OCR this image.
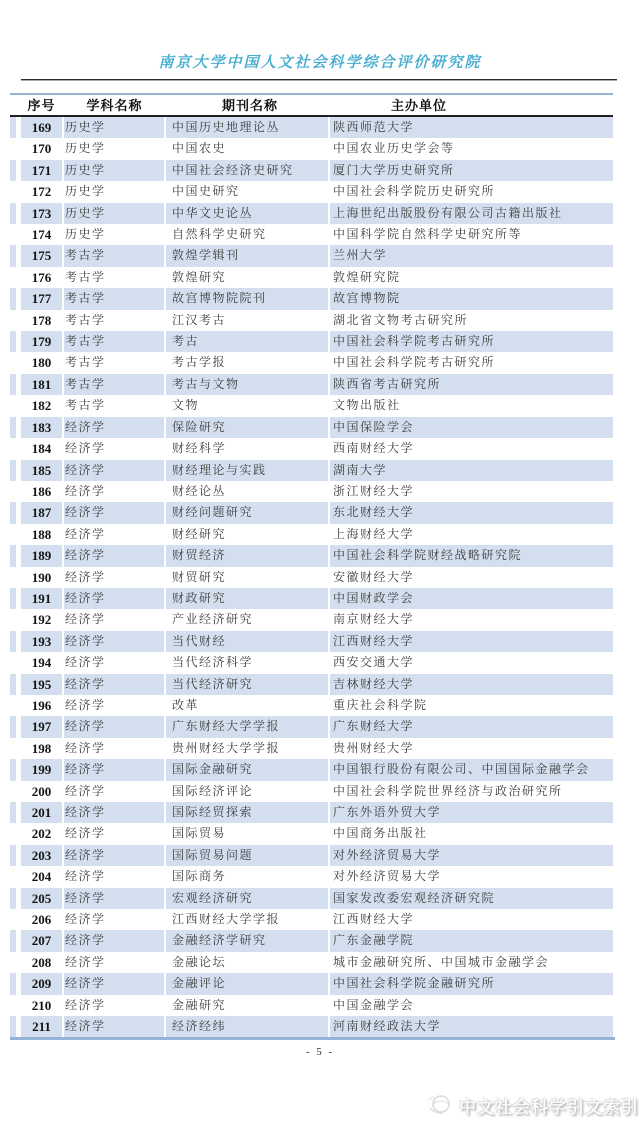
南京大学中国人文社会科学综合评价研究院
序号	学科名称	期刊名称	主办单位
169	历史学	中国历史地理论丛	陕西师范大学
170	历史学	中国农史	中国农业历史学会等
171	历史学	中国社会经济史研究	厦门大学历史研究所
172	历史学	中国史研究	中国社会科学院历史研究所
173	历史学	中华文史论丛	上海世纪出版股份有限公司古籍出版社
174	历史学	自然科学史研究	中国科学院自然科学史研究所等
175	考古学	敦煌学辑刊	兰州大学
176	考古学	敦煌研究	敦煌研究院
177	考古学	故宫博物院院刊	故宫博物院
178	考古学	江汉考古	湖北省文物考古研究所
179	考古学	考古	中国社会科学院考古研究所
180	考古学	考古学报	中国社会科学院考古研究所
181	考古学	考古与文物	陕西省考古研究所
182	考古学	文物	文物出版社
183	经济学	保险研究	中国保险学会
184	经济学	财经科学	西南财经大学
185	经济学	财经理论与实践	湖南大学
186	经济学	财经论丛	浙江财经大学
187	经济学	财经问题研究	东北财经大学
188	经济学	财经研究	上海财经大学
189	经济学	财贸经济	中国社会科学院财经战略研究院
190	经济学	财贸研究	安徽财经大学
191	经济学	财政研究	中国财政学会
192	经济学	产业经济研究	南京财经大学
193	经济学	当代财经	江西财经大学
194	经济学	当代经济科学	西安交通大学
195	经济学	当代经济研究	吉林财经大学
196	经济学	改革	重庆社会科学院
197	经济学	广东财经大学学报	广东财经大学
198	经济学	贵州财经大学学报	贵州财经大学
199	经济学	国际金融研究	中国银行股份有限公司、中国国际金融学会
200	经济学	国际经济评论	中国社会科学院世界经济与政治研究所
201	经济学	国际经贸探索	广东外语外贸大学
202	经济学	国际贸易	中国商务出版社
203	经济学	国际贸易问题	对外经济贸易大学
204	经济学	国际商务	对外经济贸易大学
205	经济学	宏观经济研究	国家发改委宏观经济研究院
206	经济学	江西财经大学学报	江西财经大学
207	经济学	金融经济学研究	广东金融学院
208	经济学	金融论坛	城市金融研究所、中国城市金融学会
209	经济学	金融评论	中国社会科学院金融研究所
210	经济学	金融研究	中国金融学会
211	经济学	经济经纬	河南财经政法大学
- 5 -
中文社会科学引文索引
